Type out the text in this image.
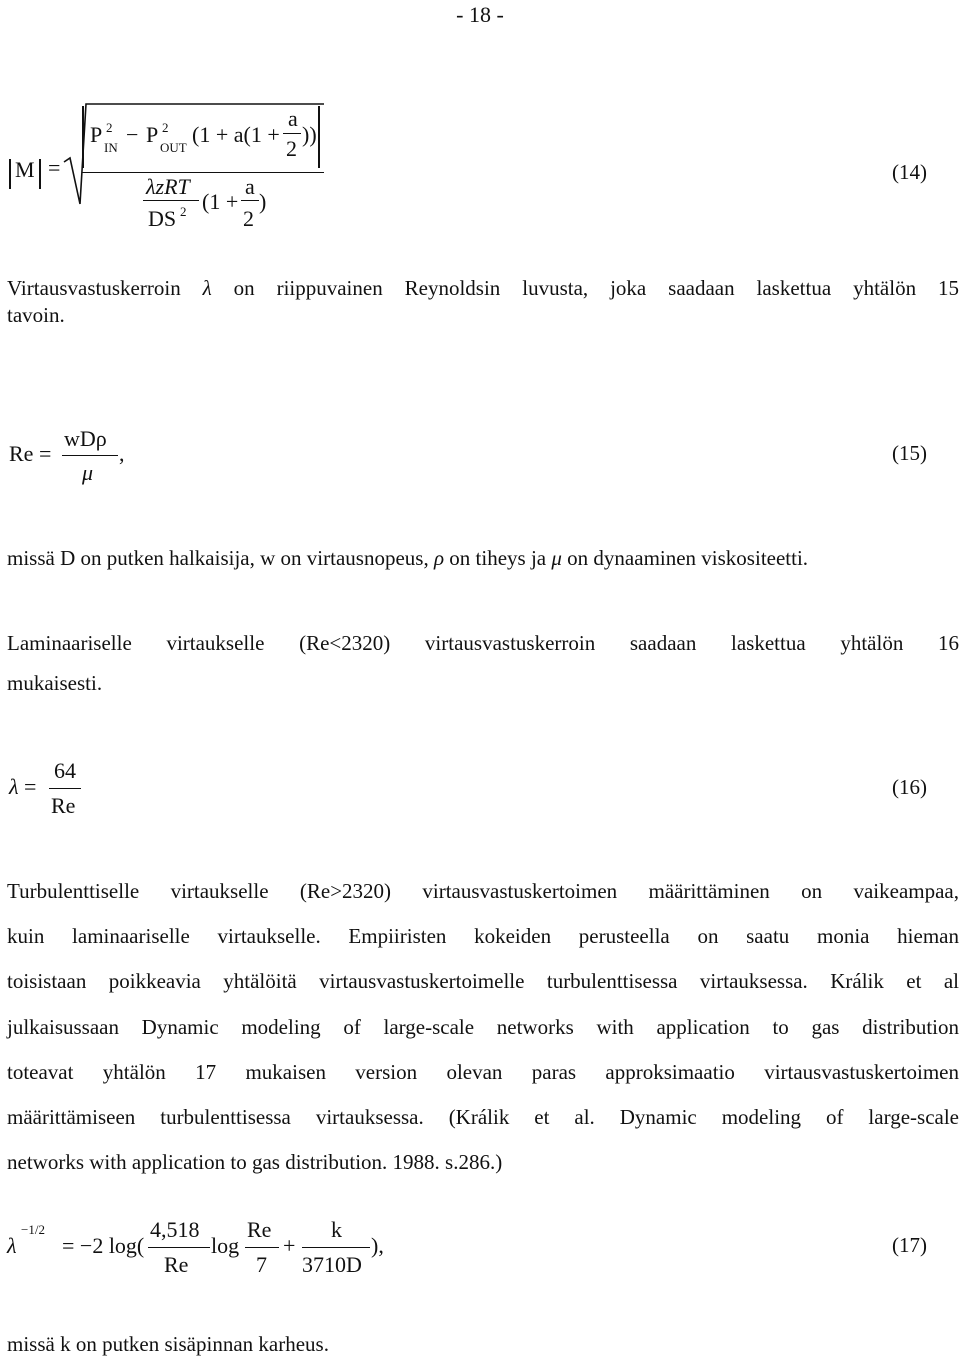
- 18 -
M =
P 2
IN
− P 2
OUT
(1 + a(1 +
a
2
))
λzRT
DS 2 (1 +
a
2
)
(14)
Virtausvastuskerroin λ on riippuvainen Reynoldsin luvusta, joka saadaan laskettua yhtälön 15
tavoin.
Re =
wDρ
μ
,	(15)
missä D on putken halkaisija, w on virtausnopeus, ρ on tiheys ja μ on dynaaminen viskositeetti.
Laminaariselle virtaukselle (Re<2320) virtausvastuskerroin saadaan laskettua yhtälön 16
mukaisesti.
λ =
64
Re
(16)
Turbulenttiselle virtaukselle (Re>2320) virtausvastuskertoimen määrittäminen on vaikeampaa,
kuin laminaariselle virtaukselle. Empiiristen kokeiden perusteella on saatu monia hieman
toisistaan poikkeavia yhtälöitä virtausvastuskertoimelle turbulenttisessa virtauksessa. Králik et al
julkaisussaan Dynamic modeling of large-scale networks with application to gas distribution
toteavat yhtälön 17 mukaisen version olevan paras approksimaatio virtausvastuskertoimen
määrittämiseen turbulenttisessa virtauksessa. (Králik et al. Dynamic modeling of large-scale
networks with application to gas distribution. 1988. s.286.)
λ
−1/2
= −2 log(
4,518
Re
log
Re
7
+
k
3710D
),	(17)
missä k on putken sisäpinnan karheus.
